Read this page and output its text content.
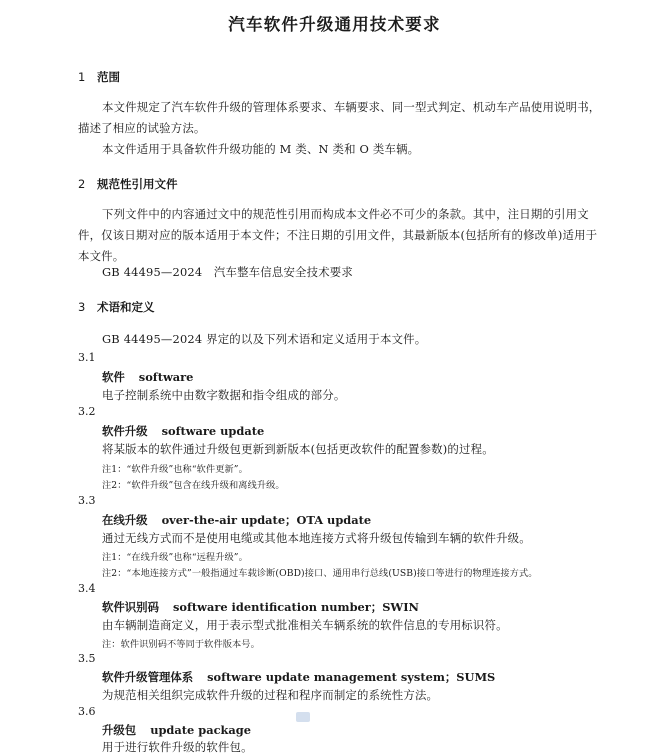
汽车软件升级通用技术要求
1 范围
本文件规定了汽车软件升级的管理体系要求、车辆要求、同一型式判定、机动车产品使用说明书，描述了相应的试验方法。
本文件适用于具备软件升级功能的 M 类、N 类和 O 类车辆。
2 规范性引用文件
下列文件中的内容通过文中的规范性引用而构成本文件必不可少的条款。其中，注日期的引用文件，仅该日期对应的版本适用于本文件；不注日期的引用文件，其最新版本(包括所有的修改单)适用于本文件。
GB 44495—2024　汽车整车信息安全技术要求
3 术语和定义
GB 44495—2024 界定的以及下列术语和定义适用于本文件。
3.1
软件 software
电子控制系统中由数字数据和指令组成的部分。
3.2
软件升级 software update
将某版本的软件通过升级包更新到新版本(包括更改软件的配置参数)的过程。
注1：“软件升级”也称“软件更新”。
注2：“软件升级”包含在线升级和离线升级。
3.3
在线升级 over-the-air update；OTA update
通过无线方式而不是使用电缆或其他本地连接方式将升级包传输到车辆的软件升级。
注1：“在线升级”也称“远程升级”。
注2：“本地连接方式”一般指通过车载诊断(OBD)接口、通用串行总线(USB)接口等进行的物理连接方式。
3.4
软件识别码 software identification number；SWIN
由车辆制造商定义，用于表示型式批准相关车辆系统的软件信息的专用标识符。
注：软件识别码不等同于软件版本号。
3.5
软件升级管理体系 software update management system；SUMS
为规范相关组织完成软件升级的过程和程序而制定的系统性方法。
3.6
升级包 update package
用于进行软件升级的软件包。
